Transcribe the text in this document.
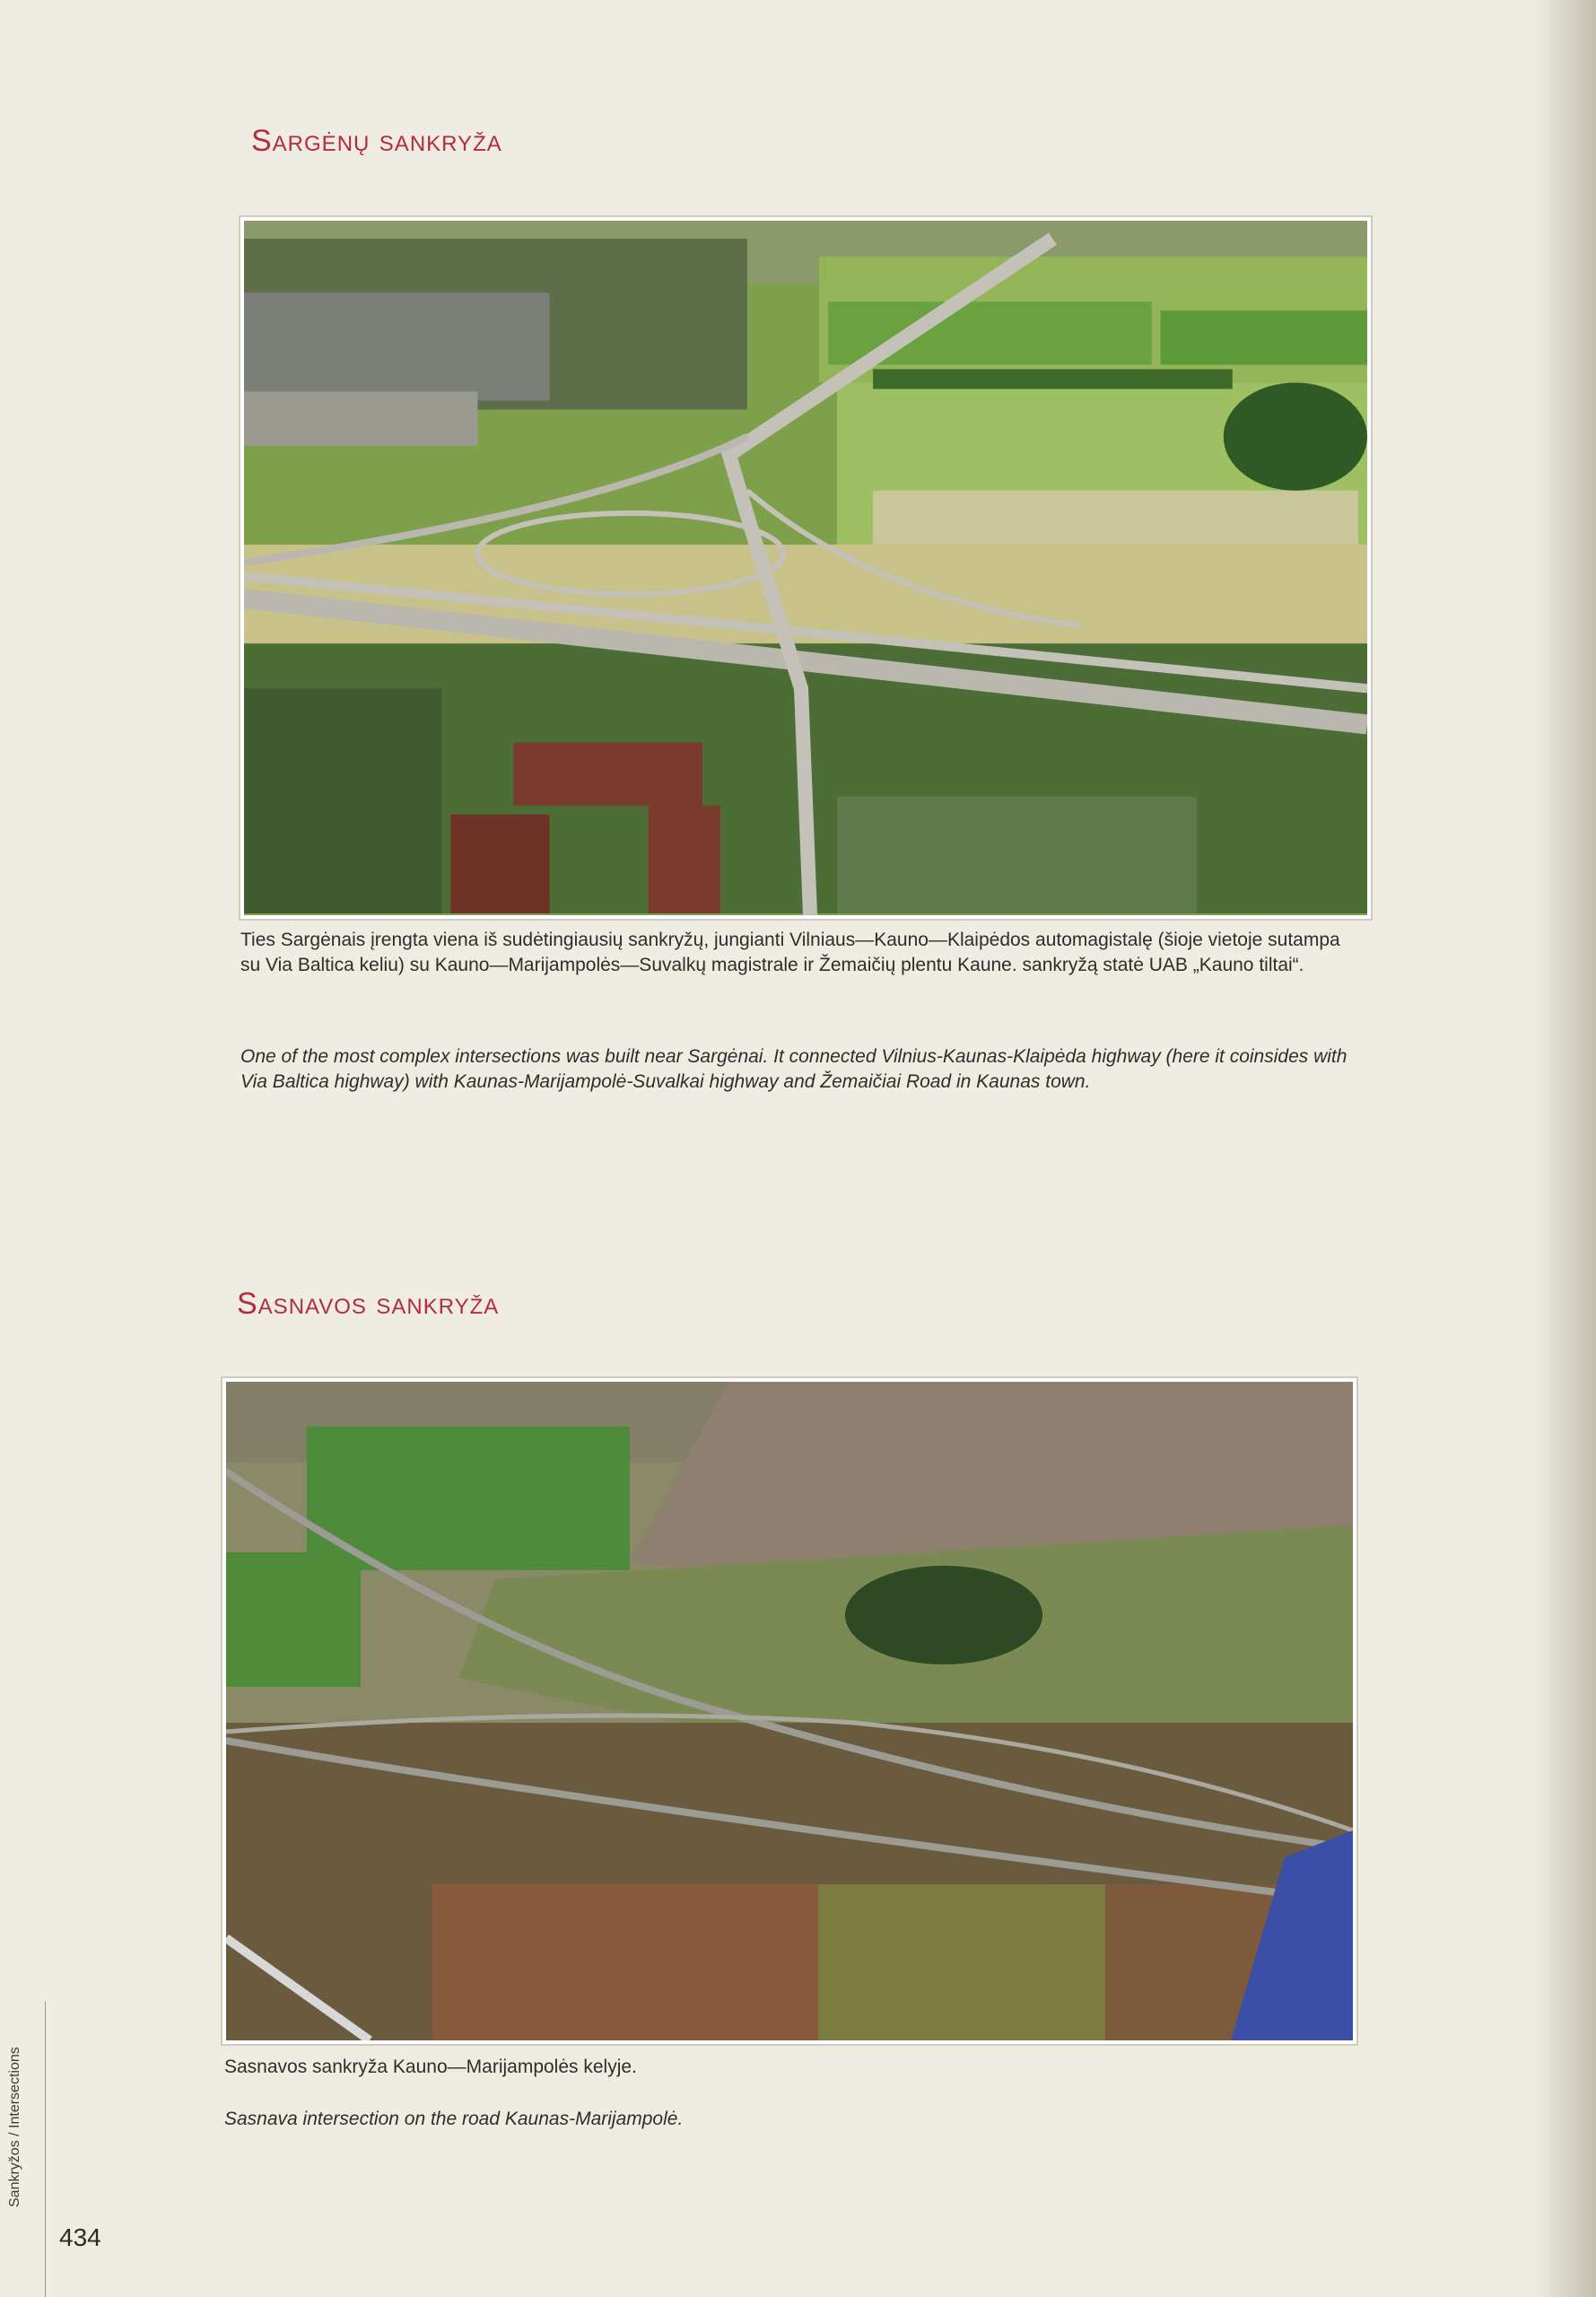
Sargėnų sankryža

Ties Sargėnais įrengta viena iš sudėtingiausių sankryžų, jungianti Vilniaus—Kauno—Klaipėdos automagistalę (šioje vietoje sutampa su Via Baltica keliu) su Kauno—Marijampolės—Suvalkų magistrale ir Žemaičių plentu Kaune. sankryžą statė UAB „Kauno tiltai“.

One of the most complex intersections was built near Sargėnai. It connected Vilnius-Kaunas-Klaipėda highway (here it coinsides with Via Baltica highway) with Kaunas-Marijampolė-Suvalkai highway and Žemaičiai Road in Kaunas town.

Sasnavos sankryža

Sasnavos sankryža Kauno—Marijampolės kelyje.

Sasnava intersection on the road Kaunas-Marijampolė.

Sankryžos / Intersections
434
